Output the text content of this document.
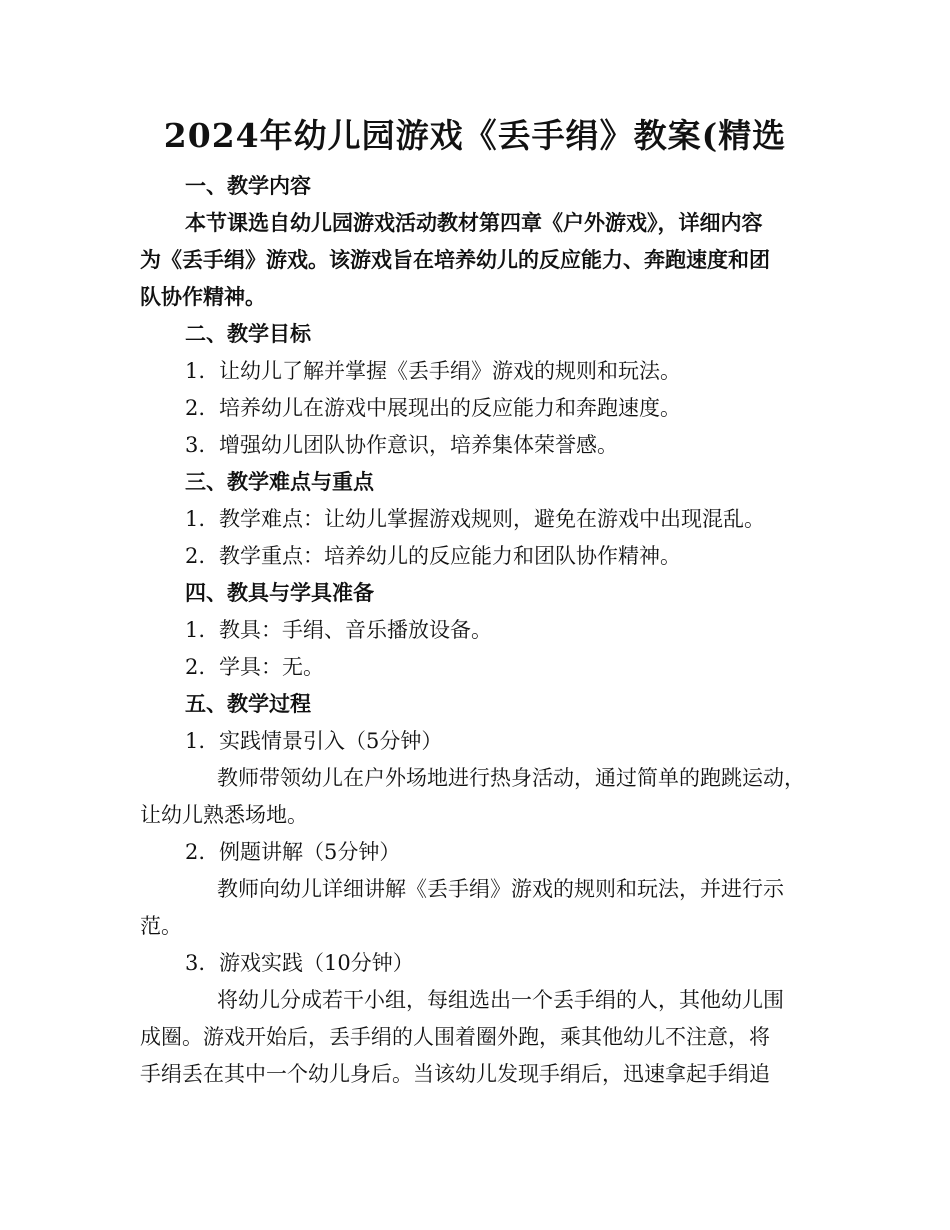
2024年幼儿园游戏《丢手绢》教案(精选
一、教学内容
本节课选自幼儿园游戏活动教材第四章《户外游戏》，详细内容
为《丢手绢》游戏。该游戏旨在培养幼儿的反应能力、奔跑速度和团
队协作精神。
二、教学目标
1. 让幼儿了解并掌握《丢手绢》游戏的规则和玩法。
2. 培养幼儿在游戏中展现出的反应能力和奔跑速度。
3. 增强幼儿团队协作意识，培养集体荣誉感。
三、教学难点与重点
1. 教学难点：让幼儿掌握游戏规则，避免在游戏中出现混乱。
2. 教学重点：培养幼儿的反应能力和团队协作精神。
四、教具与学具准备
1. 教具：手绢、音乐播放设备。
2. 学具：无。
五、教学过程
1. 实践情景引入（5分钟）
教师带领幼儿在户外场地进行热身活动，通过简单的跑跳运动，
让幼儿熟悉场地。
2. 例题讲解（5分钟）
教师向幼儿详细讲解《丢手绢》游戏的规则和玩法，并进行示
范。
3. 游戏实践（10分钟）
将幼儿分成若干小组，每组选出一个丢手绢的人，其他幼儿围
成圈。游戏开始后，丢手绢的人围着圈外跑，乘其他幼儿不注意，将
手绢丢在其中一个幼儿身后。当该幼儿发现手绢后，迅速拿起手绢追
